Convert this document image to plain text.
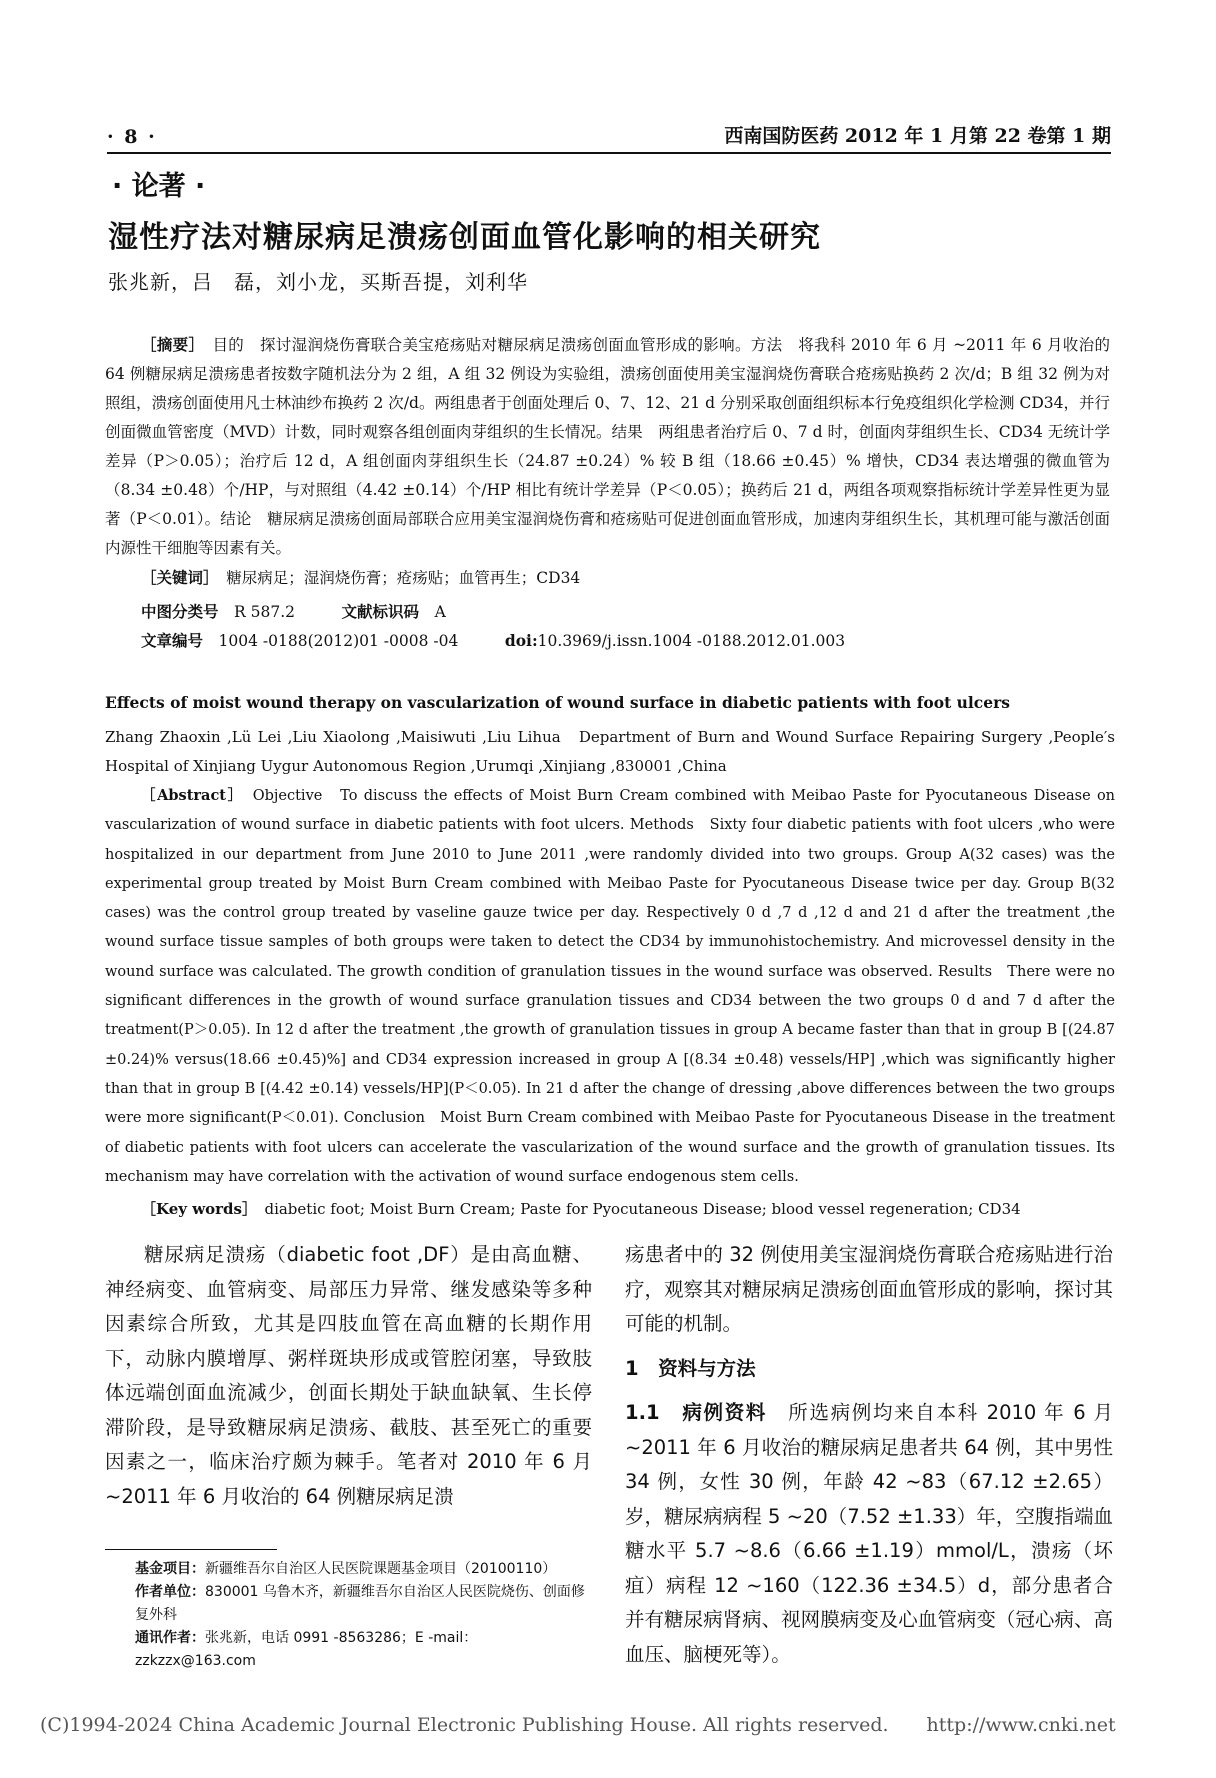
· 8 ·	西南国防医药 2012 年 1 月第 22 卷第 1 期
· 论著 ·
湿性疗法对糖尿病足溃疡创面血管化影响的相关研究
张兆新，吕　磊，刘小龙，买斯吾提，刘利华

［摘要］　 目的　探讨湿润烧伤膏联合美宝疮疡贴对糖尿病足溃疡创面血管形成的影响。方法　将我科 2010 年 6 月 ~2011 年 6 月收治的 64 例糖尿病足溃疡患者按数字随机法分为 2 组，A 组 32 例设为实验组，溃疡创面使用美宝湿润烧伤膏联合疮疡贴换药 2 次/d；B 组 32 例为对照组，溃疡创面使用凡士林油纱布换药 2 次/d。两组患者于创面处理后 0、7、12、21 d 分别采取创面组织标本行免疫组织化学检测 CD34，并行创面微血管密度（MVD）计数，同时观察各组创面肉芽组织的生长情况。结果　两组患者治疗后 0、7 d 时，创面肉芽组织生长、CD34 无统计学差异（P＞0.05）；治疗后 12 d，A 组创面肉芽组织生长（24.87 ±0.24）% 较 B 组（18.66 ±0.45）% 增快，CD34 表达增强的微血管为（8.34 ±0.48）个/HP，与对照组（4.42 ±0.14）个/HP 相比有统计学差异（P＜0.05）；换药后 21 d，两组各项观察指标统计学差异性更为显著（P＜0.01）。结论　糖尿病足溃疡创面局部联合应用美宝湿润烧伤膏和疮疡贴可促进创面血管形成，加速肉芽组织生长，其机理可能与激活创面内源性干细胞等因素有关。

［关键词］　 糖尿病足；湿润烧伤膏；疮疡贴；血管再生；CD34

中图分类号　 R 587.2　　　	文献标识码　 A
文章编号　 1004 -0188(2012)01 -0008 -04　　　	doi:10.3969/j.issn.1004 -0188.2012.01.003
Effects of moist wound therapy on vascularization of wound surface in diabetic patients with foot ulcers
Zhang Zhaoxin ,Lü Lei ,Liu Xiaolong ,Maisiwuti ,Liu Lihua　Department of Burn and Wound Surface Repairing Surgery ,People′s Hospital of Xinjiang Uygur Autonomous Region ,Urumqi ,Xinjiang ,830001 ,China

［Abstract］　 Objective　To discuss the effects of Moist Burn Cream combined with Meibao Paste for Pyocutaneous Disease on vascularization of wound surface in diabetic patients with foot ulcers. Methods　Sixty four diabetic patients with foot ulcers ,who were hospitalized in our department from June 2010 to June 2011 ,were randomly divided into two groups. Group A(32 cases) was the experimental group treated by Moist Burn Cream combined with Meibao Paste for Pyocutaneous Disease twice per day. Group B(32 cases) was the control group treated by vaseline gauze twice per day. Respectively 0 d ,7 d ,12 d and 21 d after the treatment ,the wound surface tissue samples of both groups were taken to detect the CD34 by immunohistochemistry. And microvessel density in the wound surface was calculated. The growth condition of granulation tissues in the wound surface was observed. Results　There were no significant differences in the growth of wound surface granulation tissues and CD34 between the two groups 0 d and 7 d after the treatment(P＞0.05). In 12 d after the treatment ,the growth of granulation tissues in group A became faster than that in group B [(24.87 ±0.24)% versus(18.66 ±0.45)%] and CD34 expression increased in group A [(8.34 ±0.48) vessels/HP] ,which was significantly higher than that in group B [(4.42 ±0.14) vessels/HP](P＜0.05). In 21 d after the change of dressing ,above differences between the two groups were more significant(P＜0.01). Conclusion　Moist Burn Cream combined with Meibao Paste for Pyocutaneous Disease in the treatment of diabetic patients with foot ulcers can accelerate the vascularization of the wound surface and the growth of granulation tissues. Its mechanism may have correlation with the activation of wound surface endogenous stem cells.

［Key words］　 diabetic foot; Moist Burn Cream; Paste for Pyocutaneous Disease; blood vessel regeneration; CD34

糖尿病足溃疡（diabetic foot ,DF）是由高血糖、神经病变、血管病变、局部压力异常、继发感染等多种因素综合所致，尤其是四肢血管在高血糖的长期作用下，动脉内膜增厚、粥样斑块形成或管腔闭塞，导致肢体远端创面血流减少，创面长期处于缺血缺氧、生长停滞阶段，是导致糖尿病足溃疡、截肢、甚至死亡的重要因素之一，临床治疗颇为棘手。笔者对 2010 年 6 月 ~2011 年 6 月收治的 64 例糖尿病足溃

疡患者中的 32 例使用美宝湿润烧伤膏联合疮疡贴进行治疗，观察其对糖尿病足溃疡创面血管形成的影响，探讨其可能的机制。

1　资料与方法

1.1　病例资料　 所选病例均来自本科 2010 年 6 月 ~2011 年 6 月收治的糖尿病足患者共 64 例，其中男性 34 例，女性 30 例，年龄 42 ~83（67.12 ±2.65）岁，糖尿病病程 5 ~20（7.52 ±1.33）年，空腹指端血糖水平 5.7 ~8.6（6.66 ±1.19）mmol/L，溃疡（坏疽）病程 12 ~160（122.36 ±34.5）d，部分患者合并有糖尿病肾病、视网膜病变及心血管病变（冠心病、高血压、脑梗死等）。

基金项目：新疆维吾尔自治区人民医院课题基金项目（20100110）

作者单位：830001 乌鲁木齐，新疆维吾尔自治区人民医院烧伤、创面修复外科

通讯作者：张兆新，电话 0991 -8563286；E -mail：zzkzzx@163.com

(C)1994-2024 China Academic Journal Electronic Publishing House. All rights reserved.　　http://www.cnki.net
